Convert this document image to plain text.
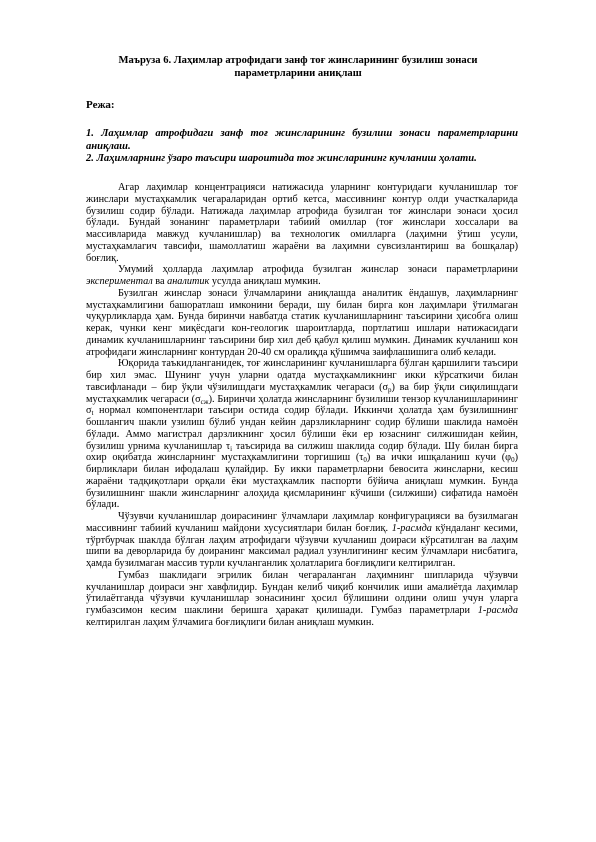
Маъруза 6. Лаҳимлар атрофидаги занф тоғ жинсларининг бузилиш зонаси
параметрларини аниқлаш
Режа:

1. Лаҳимлар атрофидаги занф тоғ жинсларининг бузилиш зонаси параметрларини аниқлаш.

2. Лаҳимларнинг ўзаро таъсири шароитида тоғ жинсларининг кучланиш ҳолати.

Агар лаҳимлар концентрацияси натижасида уларнинг контуридаги кучланишлар тоғ жинслари мустаҳкамлик чегараларидан ортиб кетса, массивнинг контур олди участкаларида бузилиш содир бўлади. Натижада лаҳимлар атрофида бузилган тоғ жинслари зонаси ҳосил бўлади. Бундай зонанинг параметрлари табиий омиллар (тоғ жинслари хоссалари ва массивларида мавжуд кучланишлар) ва технологик омилларга (лаҳимни ўтиш усули, мустаҳкамлагич тавсифи, шамоллатиш жараёни ва лаҳимни сувсизлантириш ва бошқалар) боғлиқ.

Умумий ҳолларда лаҳимлар атрофида бузилган жинслар зонаси параметрларини экспериментал ва аналитик усулда аниқлаш мумкин.

Бузилган жинслар зонаси ўлчамларини аниқлашда аналитик ёндашув, лаҳимларнинг мустаҳкамлигини башоратлаш имконини беради, шу билан бирга кон лаҳимлари ўтилмаган чуқурликларда ҳам. Бунда биринчи навбатда статик кучланишларнинг таъсирини ҳисобга олиш керак, чунки кенг миқёсдаги кон-геологик шароитларда, портлатиш ишлари натижасидаги динамик кучланишларнинг таъсирини бир хил деб қабул қилиш мумкин. Динамик кучланиш кон атрофидаги жинсларнинг контурдан 20-40 см оралиқда қўшимча заифлашишига олиб келади.

Юқорида таъкидланганидек, тоғ жинсларининг кучланишларга бўлган қаршилиги таъсири бир хил эмас. Шунинг учун уларни одатда мустаҳкамликнинг икки кўрсаткичи билан тавсифланади – бир ўқли чўзилишдаги мустаҳкамлик чегараси $(\sigma_р)$ ва бир ўқли сиқилишдаги мустаҳкамлик чегараси $(\sigma_{сж})$. Биринчи ҳолатда жинсларнинг бузилиши тензор кучланишларининг $\sigma_t$ нормал компонентлари таъсири остида содир бўлади. Иккинчи ҳолатда ҳам бузилишнинг бошлангич шакли узилиш бўлиб ундан кейин дарзликларнинг содир бўлиши шаклида намоён бўлади. Аммо магистрал дарзликнинг ҳосил бўлиши ёки ер юзаснинг силжишидан кейин, бузилиш урнима кучланишлар $\tau_i$ таъсирида ва силжиш шаклида содир бўлади. Шу билан бирга охир оқибатда жинсларнинг мустаҳкамлигини торгишиш $(\tau_0)$ ва ички ишқаланиш кучи $(\varphi_0)$ бирликлари билан ифодалаш қулайдир. Бу икки параметрларни бевосита жинсларни, кесиш жараёни тадқиқотлари орқали ёки мустаҳкамлик паспорти бўйича аниқлаш мумкин. Бунда бузилишнинг шакли жинсларнинг алоҳида қисмларининг кўчиши (силжиши) сифатида намоён бўлади.

Чўзувчи кучланишлар доирасининг ўлчамлари лаҳимлар конфигурацияси ва бузилмаган массивнинг табиий кучланиш майдони хусусиятлари билан боғлиқ. 1-расмда кўндаланг кесими, тўртбурчак шаклда бўлган лаҳим атрофидаги чўзувчи кучланиш доираси кўрсатилган ва лаҳим шипи ва деворларида бу доиранинг максимал радиал узунлигининг кесим ўлчамлари нисбатига, ҳамда бузилмаган массив турли кучланганлик ҳолатларига боғлиқлиги келтирилган.

Гумбаз шаклидаги эгрилик билан чегараланган лаҳимнинг шипларида чўзувчи кучланишлар доираси энг хавфлидир. Бундан келиб чиқиб кончилик иши амалиётда лаҳимлар ўтилаётганда чўзувчи кучланишлар зонасининг ҳосил бўлишини олдини олиш учун уларга гумбазсимон кесим шаклини беришга ҳаракат қилишади. Гумбаз параметрлари 1-расмда келтирилган лаҳим ўлчамига боғлиқлиги билан аниқлаш мумкин.
